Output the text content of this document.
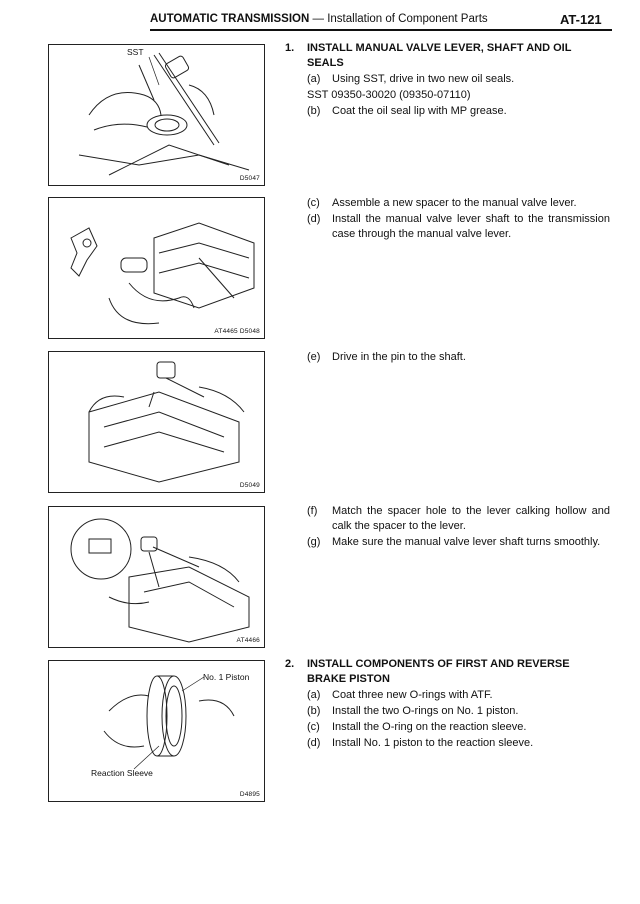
AUTOMATIC TRANSMISSION — Installation of Component Parts	AT-121
SST
D5047
AT4465 D5048
D5049
AT4466
No. 1 Piston
Reaction Sleeve
D4895
1. INSTALL MANUAL VALVE LEVER, SHAFT AND OIL SEALS
(a) Using SST, drive in two new oil seals.
SST 09350-30020 (09350-07110)
(b) Coat the oil seal lip with MP grease.
(c) Assemble a new spacer to the manual valve lever.
(d) Install the manual valve lever shaft to the transmission case through the manual valve lever.
(e) Drive in the pin to the shaft.
(f) Match the spacer hole to the lever calking hollow and calk the spacer to the lever.
(g) Make sure the manual valve lever shaft turns smoothly.
2. INSTALL COMPONENTS OF FIRST AND REVERSE BRAKE PISTON
(a) Coat three new O-rings with ATF.
(b) Install the two O-rings on No. 1 piston.
(c) Install the O-ring on the reaction sleeve.
(d) Install No. 1 piston to the reaction sleeve.
